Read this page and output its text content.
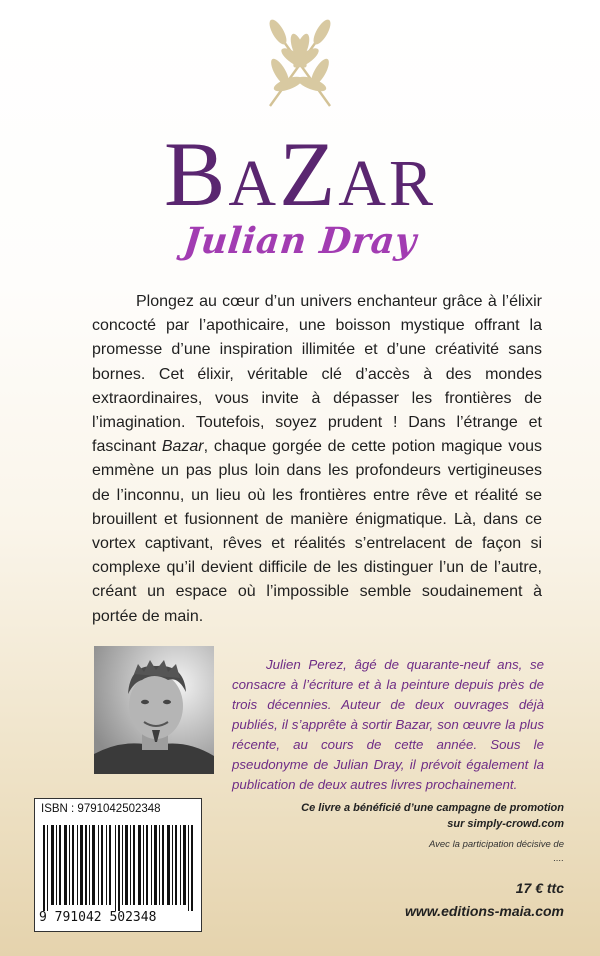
BAZAR
Julian Dray

Plongez au cœur d’un univers enchanteur grâce à l’élixir concocté par l’apothicaire, une boisson mystique offrant la promesse d’une inspiration illimitée et d’une créativité sans bornes. Cet élixir, véritable clé d’accès à des mondes extraordinaires, vous invite à dépasser les frontières de l’imagination. Toutefois, soyez prudent ! Dans l’étrange et fascinant Bazar, chaque gorgée de cette potion magique vous emmène un pas plus loin dans les profondeurs vertigineuses de l’inconnu, un lieu où les frontières entre rêve et réalité se brouillent et fusionnent de manière énigmatique. Là, dans ce vortex captivant, rêves et réalités s’entrelacent de façon si complexe qu’il devient difficile de les distinguer l’un de l’autre, créant un espace où l’impossible semble soudainement à portée de main.

Julien Perez, âgé de quarante-neuf ans, se consacre à l’écriture et à la peinture depuis près de trois décennies. Auteur de deux ouvrages déjà publiés, il s’apprête à sortir Bazar, son œuvre la plus récente, au cours de cette année. Sous le pseudonyme de Julian Dray, il prévoit également la publication de deux autres livres prochainement.

ISBN : 9791042502348
9 791042 502348
Ce livre a bénéficié d’une campagne de promotion
sur simply-crowd.com
Avec la participation décisive de
....
17 € ttc
www.editions-maia.com
